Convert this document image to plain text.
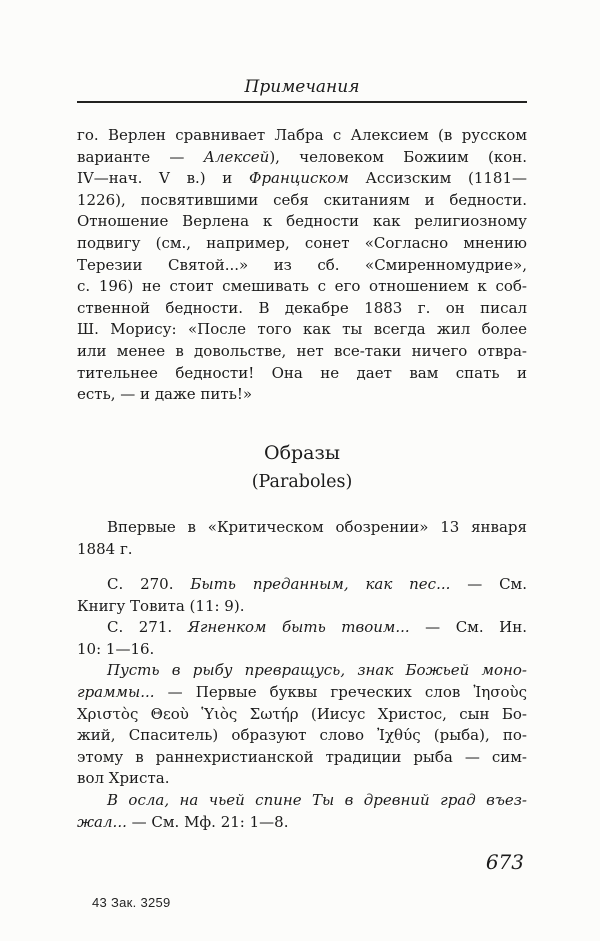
Примечания
го. Верлен сравнивает Лабра с Алексием (в русском
варианте — Алексей), человеком Божиим (кон.
IV—нач. V в.) и Франциском Ассизским (1181—
1226), посвятившими себя скитаниям и бедности.
Отношение Верлена к бедности как религиозному
подвигу (см., например, сонет «Согласно мнению
Терезии Святой...» из сб. «Смиренномудрие»,
с. 196) не стоит смешивать с его отношением к соб-
ственной бедности. В декабре 1883 г. он писал
Ш. Морису: «После того как ты всегда жил более
или менее в довольстве, нет все-таки ничего отвра-
тительнее бедности! Она не дает вам спать и
есть, — и даже пить!»
Образы
(Paraboles)
Впервые в «Критическом обозрении» 13 января
1884 г.
С. 270. Быть преданным, как пес... — См.
Книгу Товита (11: 9).
С. 271. Ягненком быть твоим... — См. Ин.
10: 1—16.
Пусть в рыбу превращусь, знак Божьей моно-
граммы... — Первые буквы греческих слов Ἰησοὺς
Χριστὸς Θεοὺ Ὑιὸς Σωτήρ (Иисус Христос, сын Бо-
жий, Спаситель) образуют слово Ἰχθύς (рыба), по-
этому в раннехристианской традиции рыба — сим-
вол Христа.
В осла, на чьей спине Ты в древний град въез-
жал... — См. Мф. 21: 1—8.
673
43 Зак. 3259
